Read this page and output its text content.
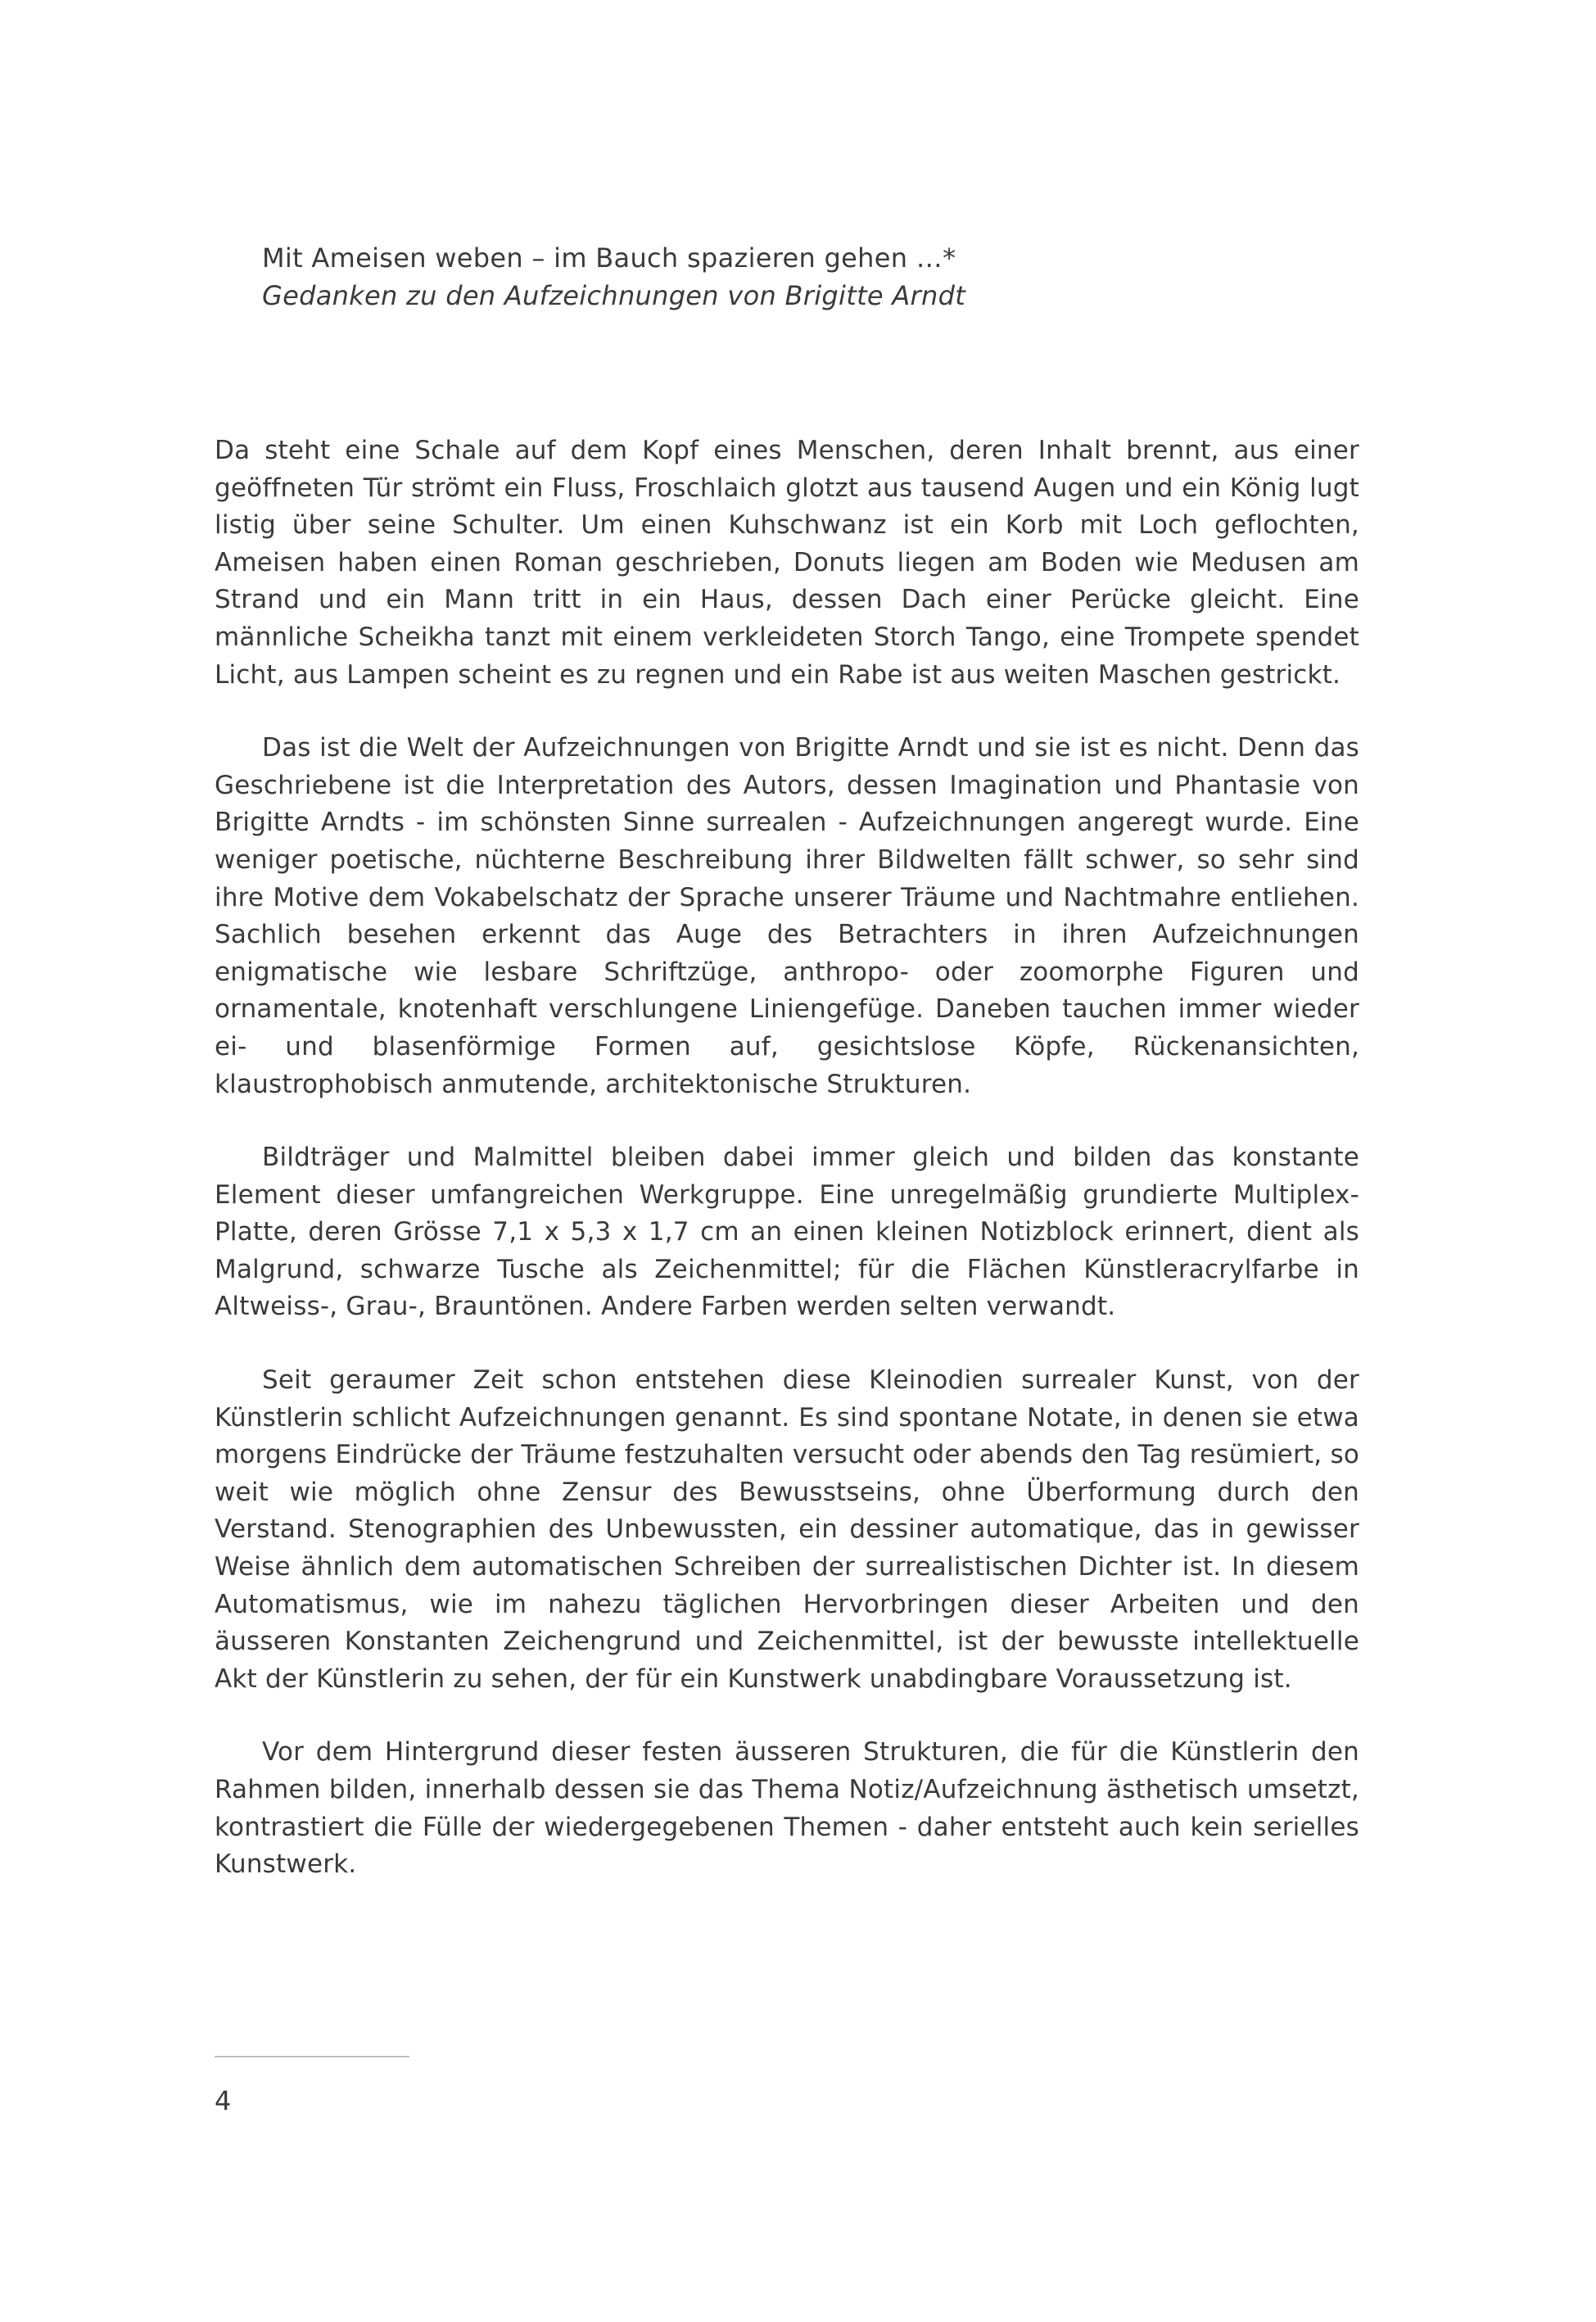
Mit Ameisen weben – im Bauch spazieren gehen …*
Gedanken zu den Aufzeichnungen von Brigitte Arndt

Da steht eine Schale auf dem Kopf eines Menschen, deren Inhalt brennt, aus einer geöffneten Tür strömt ein Fluss, Froschlaich glotzt aus tausend Augen und ein König lugt listig über seine Schulter. Um einen Kuhschwanz ist ein Korb mit Loch geflochten, Ameisen haben einen Roman geschrieben, Donuts liegen am Boden wie Medusen am Strand und ein Mann tritt in ein Haus, dessen Dach einer Perücke gleicht. Eine männliche Scheikha tanzt mit einem verkleideten Storch Tango, eine Trompete spendet Licht, aus Lampen scheint es zu regnen und ein Rabe ist aus weiten Maschen gestrickt.

Das ist die Welt der Aufzeichnungen von Brigitte Arndt und sie ist es nicht. Denn das Geschriebene ist die Interpretation des Autors, dessen Imagination und Phantasie von Brigitte Arndts - im schönsten Sinne surrealen - Aufzeichnungen angeregt wurde. Eine weniger poetische, nüchterne Beschreibung ihrer Bildwelten fällt schwer, so sehr sind ihre Motive dem Vokabelschatz der Sprache unserer Träume und Nachtmahre entliehen. Sachlich besehen erkennt das Auge des Betrachters in ihren Aufzeichnungen enigmatische wie lesbare Schriftzüge, anthropo- oder zoomorphe Figuren und ornamentale, knotenhaft verschlungene Liniengefüge. Daneben tauchen immer wieder ei- und blasenförmige Formen auf, gesichtslose Köpfe, Rückenansichten, klaustrophobisch anmutende, architektonische Strukturen.

Bildträger und Malmittel bleiben dabei immer gleich und bilden das konstante Element dieser umfangreichen Werkgruppe. Eine unregelmäßig grundierte Multiplex-Platte, deren Grösse 7,1 x 5,3 x 1,7 cm an einen kleinen Notizblock erinnert, dient als Malgrund, schwarze Tusche als Zeichenmittel; für die Flächen Künstleracrylfarbe in Altweiss-, Grau-, Brauntönen. Andere Farben werden selten verwandt.

Seit geraumer Zeit schon entstehen diese Kleinodien surrealer Kunst, von der Künstlerin schlicht Aufzeichnungen genannt. Es sind spontane Notate, in denen sie etwa morgens Eindrücke der Träume festzuhalten versucht oder abends den Tag resümiert, so weit wie möglich ohne Zensur des Bewusstseins, ohne Überformung durch den Verstand. Stenographien des Unbewussten, ein dessiner automatique, das in gewisser Weise ähnlich dem automatischen Schreiben der surrealistischen Dichter ist. In diesem Automatismus, wie im nahezu täglichen Hervorbringen dieser Arbeiten und den äusseren Konstanten Zeichengrund und Zeichenmittel, ist der bewusste intellektuelle Akt der Künstlerin zu sehen, der für ein Kunstwerk unabdingbare Voraussetzung ist.

Vor dem Hintergrund dieser festen äusseren Strukturen, die für die Künstlerin den Rahmen bilden, innerhalb dessen sie das Thema Notiz/Aufzeichnung ästhetisch umsetzt, kontrastiert die Fülle der wiedergegebenen Themen - daher entsteht auch kein serielles Kunstwerk.

4
